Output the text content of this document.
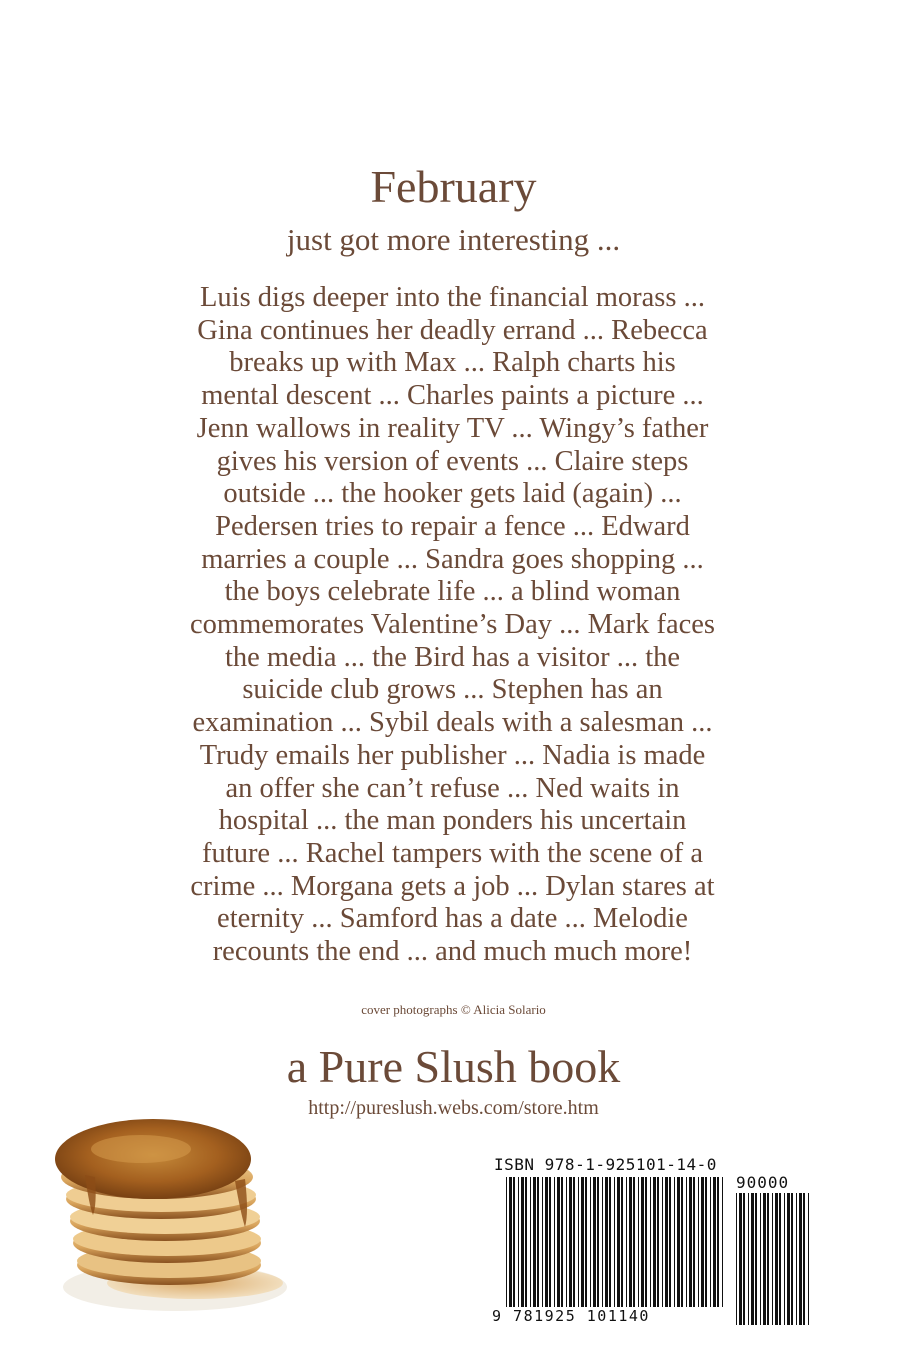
February
just got more interesting ...
Luis digs deeper into the financial morass ...
Gina continues her deadly errand ... Rebecca
breaks up with Max ... Ralph charts his
mental descent ... Charles paints a picture ...
Jenn wallows in reality TV ... Wingy’s father
gives his version of events ... Claire steps
outside ... the hooker gets laid (again) ...
Pedersen tries to repair a fence ... Edward
marries a couple ... Sandra goes shopping ...
the boys celebrate life ... a blind woman
commemorates Valentine’s Day ... Mark faces
the media ... the Bird has a visitor ... the
suicide club grows ... Stephen has an
examination ... Sybil deals with a salesman ...
Trudy emails her publisher ... Nadia is made
an offer she can’t refuse ... Ned waits in
hospital ... the man ponders his uncertain
future ... Rachel tampers with the scene of a
crime ... Morgana gets a job ... Dylan stares at
eternity ... Samford has a date ... Melodie
recounts the end ... and much much more!
cover photographs © Alicia Solario
a Pure Slush book
http://pureslush.webs.com/store.htm
ISBN 978-1-925101-14-0
90000
9 781925 101140
